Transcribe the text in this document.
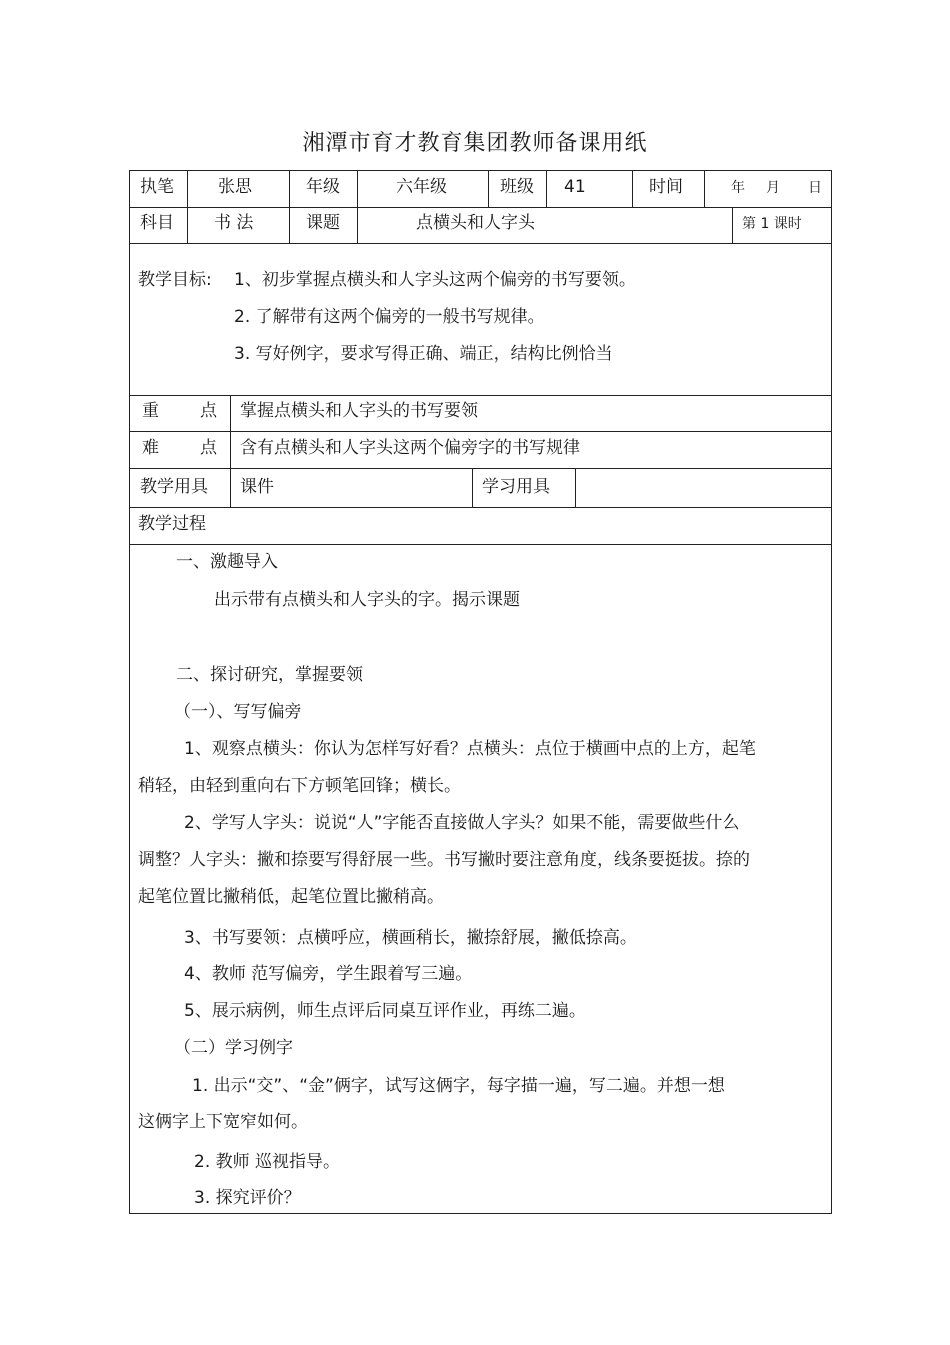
湘潭市育才教育集团教师备课用纸
执笔	张思	年级	六年级	班级 41	时间	年 月 日
科目 书 法	课题	点横头和人字头	第 1 课时
教学目标: 1、初步掌握点横头和人字头这两个偏旁的书写要领。
2. 了解带有这两个偏旁的一般书写规律。
3. 写好例字，要求写得正确、端正，结构比例恰当
重 点 掌握点横头和人字头的书写要领
难 点 含有点横头和人字头这两个偏旁字的书写规律
教学用具 课件	学习用具
教学过程
一、激趣导入
出示带有点横头和人字头的字。揭示课题
二、探讨研究，掌握要领
（一）、写写偏旁
1、观察点横头：你认为怎样写好看？点横头：点位于横画中点的上方，起笔
稍轻，由轻到重向右下方顿笔回锋；横长。
2、学写人字头：说说“人”字能否直接做人字头？如果不能，需要做些什么
调整？人字头：撇和捺要写得舒展一些。书写撇时要注意角度，线条要挺拔。捺的
起笔位置比撇稍低，起笔位置比撇稍高。
3、书写要领：点横呼应，横画稍长，撇捺舒展，撇低捺高。
4、教师 范写偏旁，学生跟着写三遍。
5、展示病例，师生点评后同桌互评作业，再练二遍。
（二）学习例字
1. 出示“交”、“金”俩字，试写这俩字，每字描一遍，写二遍。并想一想
这俩字上下宽窄如何。
2. 教师 巡视指导。
3. 探究评价？
